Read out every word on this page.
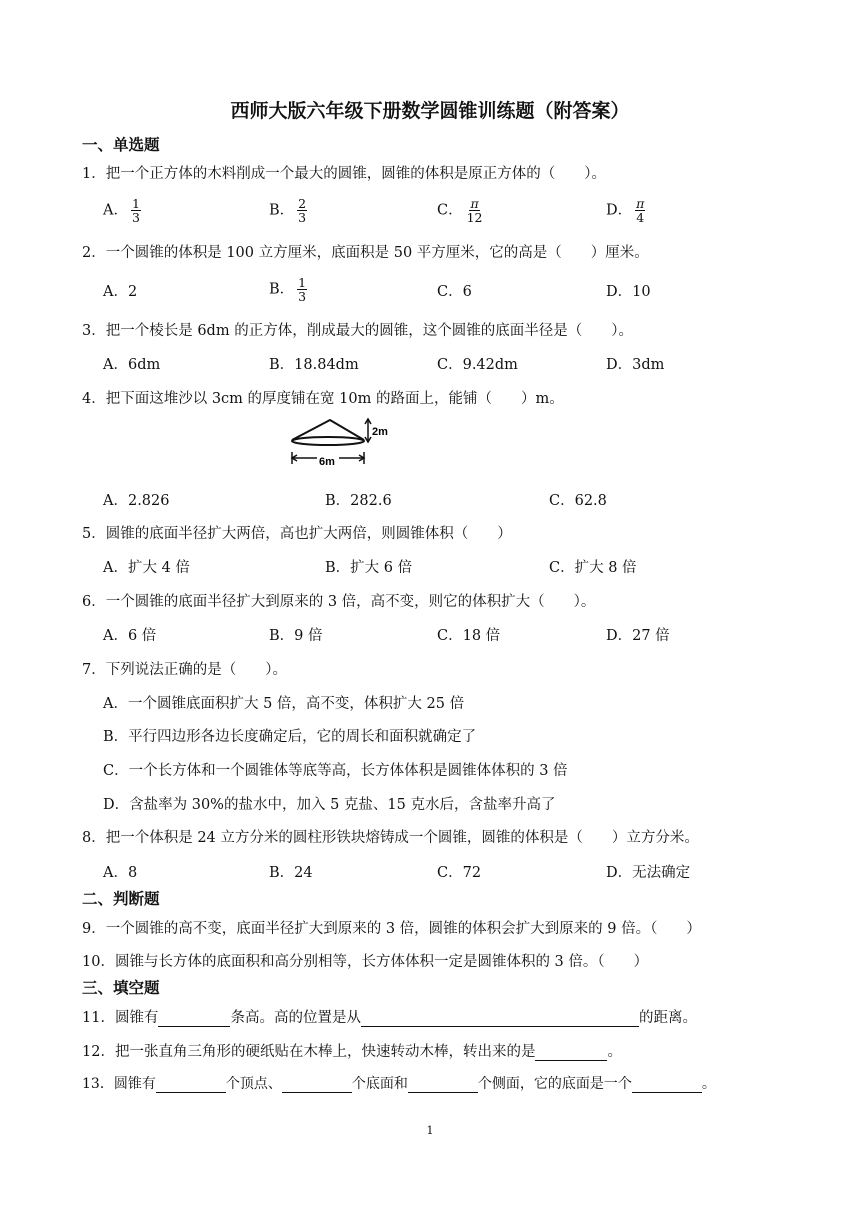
西师大版六年级下册数学圆锥训练题（附答案）
一、单选题
1．把一个正方体的木料削成一个最大的圆锥，圆锥的体积是原正方体的（　　）。
A． $\frac{1}{3}$	B． $\frac{2}{3}$	C． $\frac{\pi}{12}$	D． $\frac{\pi}{4}$
2．一个圆锥的体积是 100 立方厘米，底面积是 50 平方厘米，它的高是（　　）厘米。
A．2	B． $\frac{1}{3}$	C．6	D．10
3．把一个棱长是 6dm 的正方体，削成最大的圆锥，这个圆锥的底面半径是（　　）。
A．6dm	B．18.84dm	C．9.42dm	D．3dm
4．把下面这堆沙以 3cm 的厚度铺在宽 10m 的路面上，能铺（　　）m。
2m
6m
A．2.826	B．282.6	C．62.8
5．圆锥的底面半径扩大两倍，高也扩大两倍，则圆锥体积（　　）
A．扩大 4 倍	B．扩大 6 倍	C．扩大 8 倍
6．一个圆锥的底面半径扩大到原来的 3 倍，高不变，则它的体积扩大（　　）。
A．6 倍	B．9 倍	C．18 倍	D．27 倍
7．下列说法正确的是（　　）。
A．一个圆锥底面积扩大 5 倍，高不变，体积扩大 25 倍
B．平行四边形各边长度确定后，它的周长和面积就确定了
C．一个长方体和一个圆锥体等底等高，长方体体积是圆锥体体积的 3 倍
D．含盐率为 30%的盐水中，加入 5 克盐、15 克水后，含盐率升高了
8．把一个体积是 24 立方分米的圆柱形铁块熔铸成一个圆锥，圆锥的体积是（　　）立方分米。
A．8	B．24	C．72	D．无法确定
二、判断题
9．一个圆锥的高不变，底面半径扩大到原来的 3 倍，圆锥的体积会扩大到原来的 9 倍。（　　）
10．圆锥与长方体的底面积和高分别相等，长方体体积一定是圆锥体积的 3 倍。（　　）
三、填空题
11．圆锥有	条高。高的位置是从	的距离。
12．把一张直角三角形的硬纸贴在木棒上，快速转动木棒，转出来的是	。
13．圆锥有	个顶点、	个底面和	个侧面，它的底面是一个	。
1
